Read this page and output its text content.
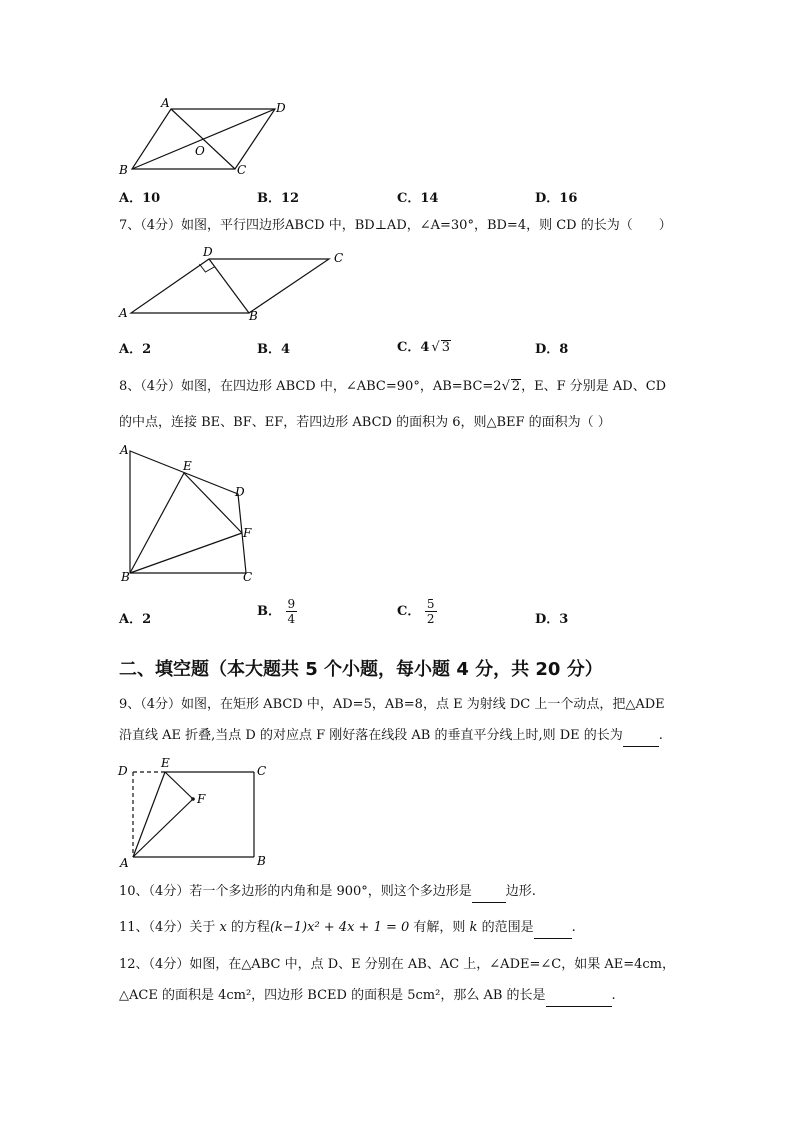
A	D
B	C
O
A．10	B．12	C．14	D．16
7、（4分）如图，平行四边形ABCD 中，BD⊥AD，∠A=30°，BD=4，则 CD 的长为（　　）
D	C
A	B
A．2	B．4	C．4 √ 3	D．8
8、（4分）如图，在四边形 ABCD 中，∠ABC=90°，AB=BC=2√ 2，E、F 分别是 AD、CD
的中点，连接 BE、BF、EF，若四边形 ABCD 的面积为 6，则△BEF 的面积为（ ）
A
E
D
F
B	C
A．2
B． $\frac{9}{4}$	C． $\frac{5}{2}$	D．3
二、填空题（本大题共 5 个小题，每小题 4 分，共 20 分）
9、（4分）如图，在矩形 ABCD 中，AD=5，AB=8，点 E 为射线 DC 上一个动点，把△ADE
沿直线 AE 折叠,当点 D 的对应点 F 刚好落在线段 AB 的垂直平分线上时,则 DE 的长为	.
D
E
C
F
A	B
10、（4分）若一个多边形的内角和是 900°，则这个多边形是	边形.
11、（4分）关于 x 的方程(k−1)x² + 4x + 1 = 0 有解，则 k 的范围是	.
12、（4分）如图，在△ABC 中，点 D、E 分别在 AB、AC 上，∠ADE=∠C，如果 AE=4cm，
△ACE 的面积是 4cm²，四边形 BCED 的面积是 5cm²，那么 AB 的长是	.
